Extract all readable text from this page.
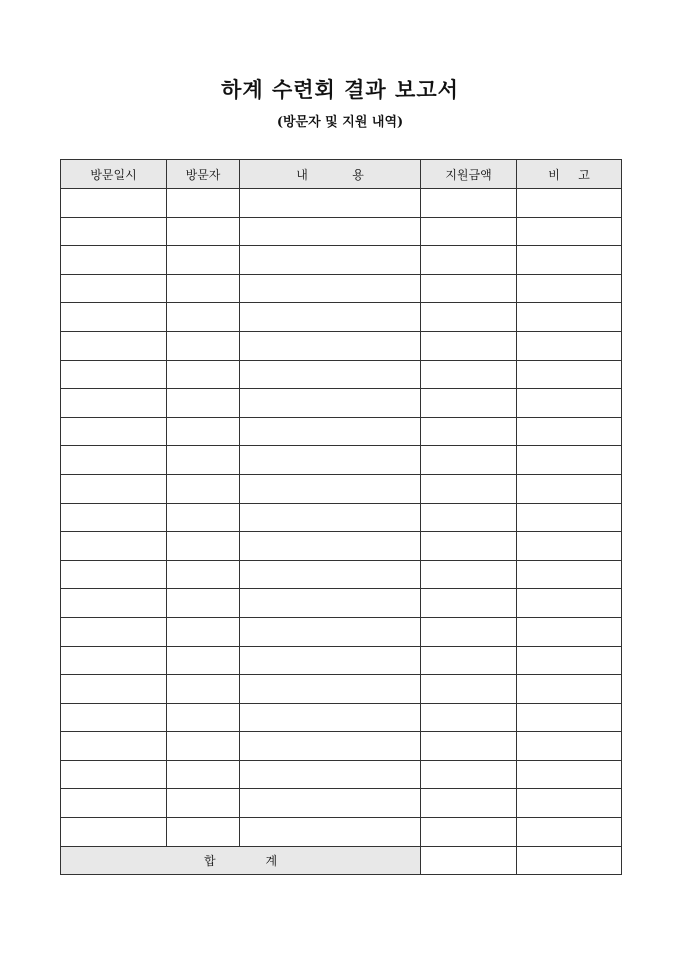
하계 수련회 결과 보고서
(방문자 및 지원 내역)
방문일시	방문자	내 용	지원금액	비 고

합 계				
